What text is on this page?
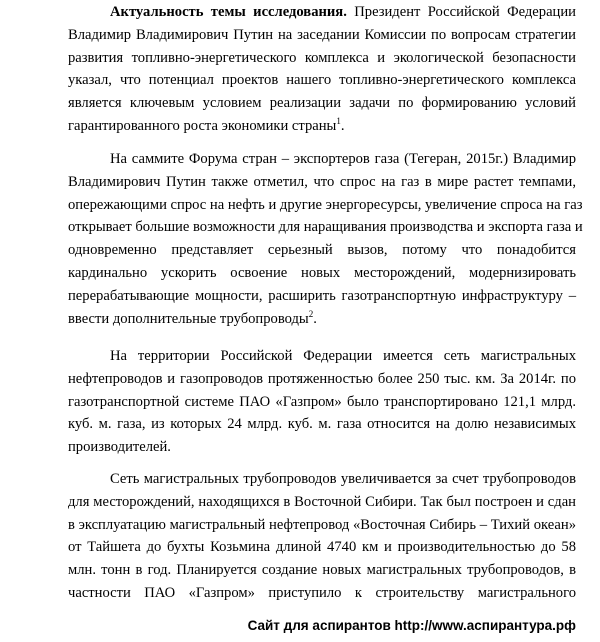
Актуальность темы исследования. Президент Российской Федерации
Владимир Владимирович Путин на заседании Комиссии по вопросам стратегии
развития топливно-энергетического комплекса и экологической безопасности
указал, что потенциал проектов нашего топливно-энергетического комплекса
является ключевым условием реализации задачи по формированию условий
гарантированного роста экономики страны$^1$.
На саммите Форума стран – экспортеров газа (Тегеран, 2015г.) Владимир
Владимирович Путин также отметил, что спрос на газ в мире растет темпами,
опережающими спрос на нефть и другие энергоресурсы, увеличение спроса на газ
открывает большие возможности для наращивания производства и экспорта газа и
одновременно представляет серьезный вызов, потому что понадобится
кардинально ускорить освоение новых месторождений, модернизировать
перерабатывающие мощности, расширить газотранспортную инфраструктуру –
ввести дополнительные трубопроводы$^2$.
На территории Российской Федерации имеется сеть магистральных
нефтепроводов и газопроводов протяженностью более 250 тыс. км. За 2014г. по
газотранспортной системе ПАО «Газпром» было транспортировано 121,1 млрд.
куб. м. газа, из которых 24 млрд. куб. м. газа относится на долю независимых
производителей.
Сеть магистральных трубопроводов увеличивается за счет трубопроводов
для месторождений, находящихся в Восточной Сибири. Так был построен и сдан
в эксплуатацию магистральный нефтепровод «Восточная Сибирь – Тихий океан»
от Тайшета до бухты Козьмина длиной 4740 км и производительностью до 58
млн. тонн в год. Планируется создание новых магистральных трубопроводов, в
частности ПАО «Газпром» приступило к строительству магистрального
Сайт для аспирантов http://www.аспирантура.рф
